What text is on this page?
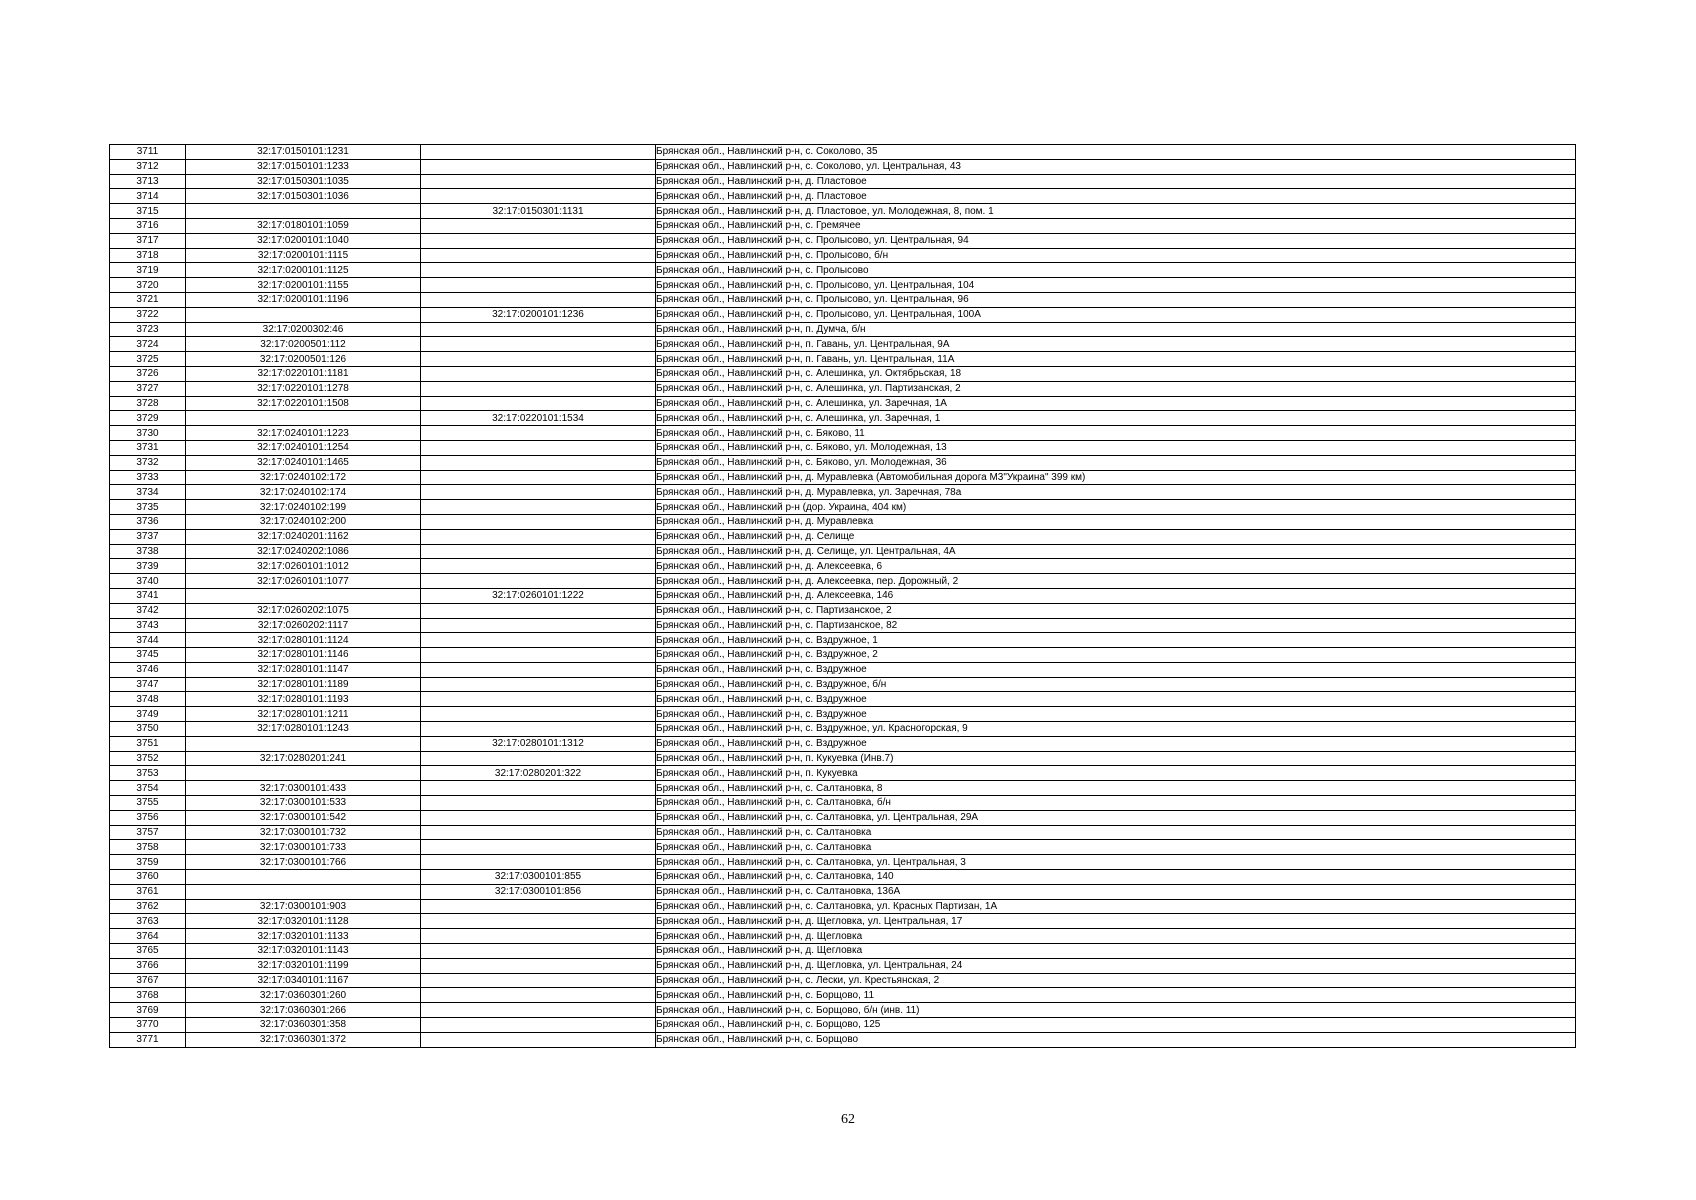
3711	32:17:0150101:1231		Брянская обл., Навлинский р-н, с. Соколово, 35
3712	32:17:0150101:1233		Брянская обл., Навлинский р-н, с. Соколово, ул. Центральная, 43
3713	32:17:0150301:1035		Брянская обл., Навлинский р-н, д. Пластовое
3714	32:17:0150301:1036		Брянская обл., Навлинский р-н, д. Пластовое
3715		32:17:0150301:1131	Брянская обл., Навлинский р-н, д. Пластовое, ул. Молодежная, 8, пом. 1
3716	32:17:0180101:1059		Брянская обл., Навлинский р-н, с. Гремячее
3717	32:17:0200101:1040		Брянская обл., Навлинский р-н, с. Пролысово, ул. Центральная, 94
3718	32:17:0200101:1115		Брянская обл., Навлинский р-н, с. Пролысово, б/н
3719	32:17:0200101:1125		Брянская обл., Навлинский р-н, с. Пролысово
3720	32:17:0200101:1155		Брянская обл., Навлинский р-н, с. Пролысово, ул. Центральная, 104
3721	32:17:0200101:1196		Брянская обл., Навлинский р-н, с. Пролысово, ул. Центральная, 96
3722		32:17:0200101:1236	Брянская обл., Навлинский р-н, с. Пролысово, ул. Центральная, 100А
3723	32:17:0200302:46		Брянская обл., Навлинский р-н, п. Думча, б/н
3724	32:17:0200501:112		Брянская обл., Навлинский р-н, п. Гавань, ул. Центральная, 9А
3725	32:17:0200501:126		Брянская обл., Навлинский р-н, п. Гавань, ул. Центральная, 11А
3726	32:17:0220101:1181		Брянская обл., Навлинский р-н, с. Алешинка, ул. Октябрьская, 18
3727	32:17:0220101:1278		Брянская обл., Навлинский р-н, с. Алешинка, ул. Партизанская, 2
3728	32:17:0220101:1508		Брянская обл., Навлинский р-н, с. Алешинка, ул. Заречная, 1А
3729		32:17:0220101:1534	Брянская обл., Навлинский р-н, с. Алешинка, ул. Заречная, 1
3730	32:17:0240101:1223		Брянская обл., Навлинский р-н, с. Бяково, 11
3731	32:17:0240101:1254		Брянская обл., Навлинский р-н, с. Бяково, ул. Молодежная, 13
3732	32:17:0240101:1465		Брянская обл., Навлинский р-н, с. Бяково, ул. Молодежная, 36
3733	32:17:0240102:172		Брянская обл., Навлинский р-н, д. Муравлевка (Автомобильная дорога М3"Украина" 399 км)
3734	32:17:0240102:174		Брянская обл., Навлинский р-н, д. Муравлевка, ул. Заречная, 78а
3735	32:17:0240102:199		Брянская обл., Навлинский р-н (дор. Украина, 404 км)
3736	32:17:0240102:200		Брянская обл., Навлинский р-н, д. Муравлевка
3737	32:17:0240201:1162		Брянская обл., Навлинский р-н, д. Селище
3738	32:17:0240202:1086		Брянская обл., Навлинский р-н, д. Селище, ул. Центральная, 4А
3739	32:17:0260101:1012		Брянская обл., Навлинский р-н, д. Алексеевка, 6
3740	32:17:0260101:1077		Брянская обл., Навлинский р-н, д. Алексеевка, пер. Дорожный, 2
3741		32:17:0260101:1222	Брянская обл., Навлинский р-н, д. Алексеевка, 146
3742	32:17:0260202:1075		Брянская обл., Навлинский р-н, с. Партизанское, 2
3743	32:17:0260202:1117		Брянская обл., Навлинский р-н, с. Партизанское, 82
3744	32:17:0280101:1124		Брянская обл., Навлинский р-н, с. Вздружное, 1
3745	32:17:0280101:1146		Брянская обл., Навлинский р-н, с. Вздружное, 2
3746	32:17:0280101:1147		Брянская обл., Навлинский р-н, с. Вздружное
3747	32:17:0280101:1189		Брянская обл., Навлинский р-н, с. Вздружное, б/н
3748	32:17:0280101:1193		Брянская обл., Навлинский р-н, с. Вздружное
3749	32:17:0280101:1211		Брянская обл., Навлинский р-н, с. Вздружное
3750	32:17:0280101:1243		Брянская обл., Навлинский р-н, с. Вздружное, ул. Красногорская, 9
3751		32:17:0280101:1312	Брянская обл., Навлинский р-н, с. Вздружное
3752	32:17:0280201:241		Брянская обл., Навлинский р-н, п. Кукуевка (Инв.7)
3753		32:17:0280201:322	Брянская обл., Навлинский р-н, п. Кукуевка
3754	32:17:0300101:433		Брянская обл., Навлинский р-н, с. Салтановка, 8
3755	32:17:0300101:533		Брянская обл., Навлинский р-н, с. Салтановка, б/н
3756	32:17:0300101:542		Брянская обл., Навлинский р-н, с. Салтановка, ул. Центральная, 29А
3757	32:17:0300101:732		Брянская обл., Навлинский р-н, с. Салтановка
3758	32:17:0300101:733		Брянская обл., Навлинский р-н, с. Салтановка
3759	32:17:0300101:766		Брянская обл., Навлинский р-н, с. Салтановка, ул. Центральная, 3
3760		32:17:0300101:855	Брянская обл., Навлинский р-н, с. Салтановка, 140
3761		32:17:0300101:856	Брянская обл., Навлинский р-н, с. Салтановка, 136А
3762	32:17:0300101:903		Брянская обл., Навлинский р-н, с. Салтановка, ул. Красных Партизан, 1А
3763	32:17:0320101:1128		Брянская обл., Навлинский р-н, д. Щегловка, ул. Центральная, 17
3764	32:17:0320101:1133		Брянская обл., Навлинский р-н, д. Щегловка
3765	32:17:0320101:1143		Брянская обл., Навлинский р-н, д. Щегловка
3766	32:17:0320101:1199		Брянская обл., Навлинский р-н, д. Щегловка, ул. Центральная, 24
3767	32:17:0340101:1167		Брянская обл., Навлинский р-н, с. Лески, ул. Крестьянская, 2
3768	32:17:0360301:260		Брянская обл., Навлинский р-н, с. Борщово, 11
3769	32:17:0360301:266		Брянская обл., Навлинский р-н, с. Борщово, б/н (инв. 11)
3770	32:17:0360301:358		Брянская обл., Навлинский р-н, с. Борщово, 125
3771	32:17:0360301:372		Брянская обл., Навлинский р-н, с. Борщово
62
